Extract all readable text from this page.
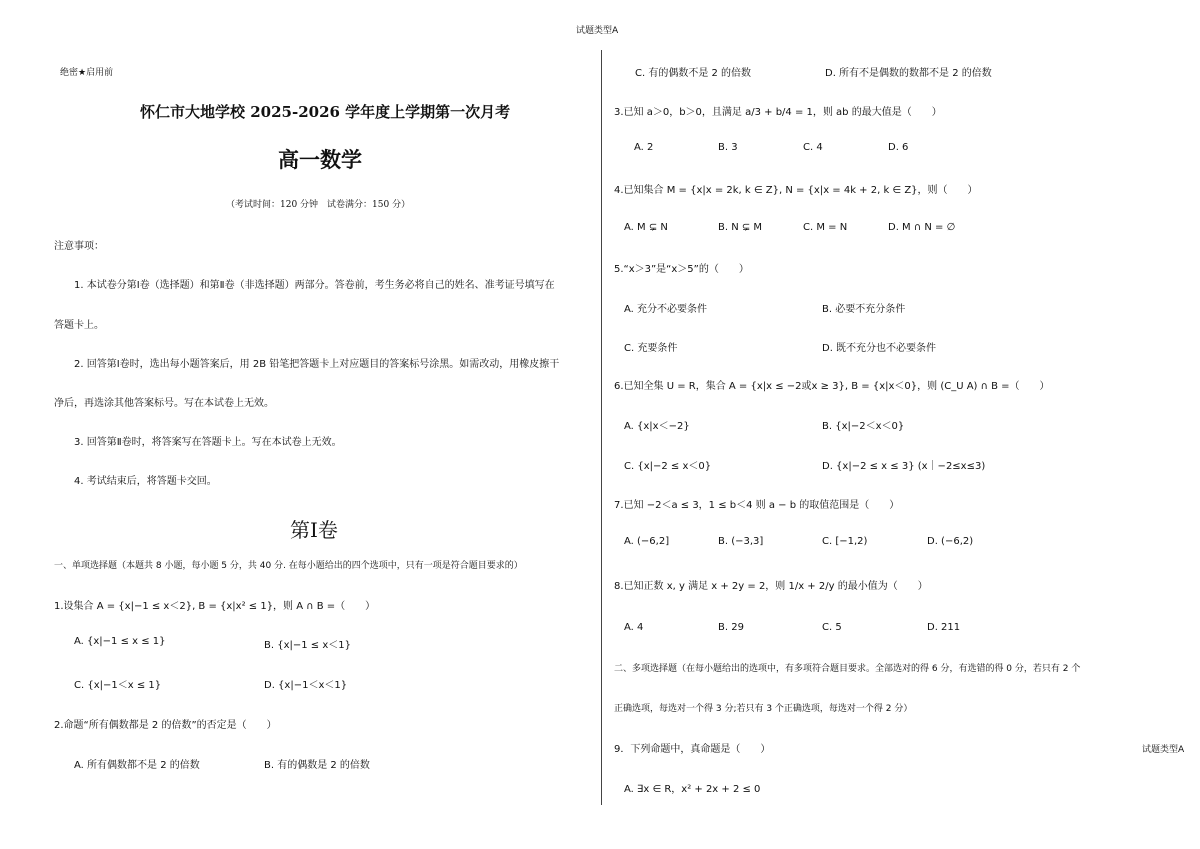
试题类型A
试题类型A
绝密★启用前
怀仁市大地学校 2025-2026 学年度上学期第一次月考
高一数学
（考试时间：120 分钟　试卷满分：150 分）
注意事项：
1. 本试卷分第Ⅰ卷（选择题）和第Ⅱ卷（非选择题）两部分。答卷前，考生务必将自己的姓名、准考证号填写在
答题卡上。
2. 回答第Ⅰ卷时，选出每小题答案后，用 2B 铅笔把答题卡上对应题目的答案标号涂黑。如需改动，用橡皮擦干
净后，再选涂其他答案标号。写在本试卷上无效。
3. 回答第Ⅱ卷时，将答案写在答题卡上。写在本试卷上无效。
4. 考试结束后，将答题卡交回。
第Ⅰ卷
一、单项选择题（本题共 8 小题，每小题 5 分，共 40 分. 在每小题给出的四个选项中，只有一项是符合题目要求的）
1.设集合 A = {x|−1 ≤ x＜2}, B = {x|x² ≤ 1}，则 A ∩ B =（　　）
A. {x|−1 ≤ x ≤ 1}	B. {x|−1 ≤ x＜1}
C. {x|−1＜x ≤ 1}	D. {x|−1＜x＜1}
2.命题“所有偶数都是 2 的倍数”的否定是（　　）
A. 所有偶数都不是 2 的倍数	B. 有的偶数是 2 的倍数
C. 有的偶数不是 2 的倍数	D. 所有不是偶数的数都不是 2 的倍数
3.已知 a＞0，b＞0，且满足 a/3 + b/4 = 1，则 ab 的最大值是（　　）
A. 2	B. 3	C. 4	D. 6
4.已知集合 M = {x|x = 2k, k ∈ Z}, N = {x|x = 4k + 2, k ∈ Z}，则（　　）
A. M ⊊ N	B. N ⊊ M	C. M = N	D. M ∩ N = ∅
5.“x＞3”是“x＞5”的（　　）
A. 充分不必要条件	B. 必要不充分条件
C. 充要条件	D. 既不充分也不必要条件
6.已知全集 U = R，集合 A = {x|x ≤ −2或x ≥ 3}, B = {x|x＜0}，则 (C_U A) ∩ B =（　　）
A. {x|x＜−2}	B. {x|−2＜x＜0}
C. {x|−2 ≤ x＜0}	D. {x|−2 ≤ x ≤ 3} (x｜−2≤x≤3)
7.已知 −2＜a ≤ 3，1 ≤ b＜4 则 a − b 的取值范围是（　　）
A. (−6,2]	B. (−3,3]	C. [−1,2)	D. (−6,2)
8.已知正数 x, y 满足 x + 2y = 2，则 1/x + 2/y 的最小值为（　　）
A. 4	B. 29	C. 5	D. 211
二、多项选择题（在每小题给出的选项中，有多项符合题目要求。全部选对的得 6 分，有选错的得 0 分，若只有 2 个
正确选项，每选对一个得 3 分;若只有 3 个正确选项，每选对一个得 2 分）
9．下列命题中，真命题是（　　）
A. ∃x ∈ R，x² + 2x + 2 ≤ 0
